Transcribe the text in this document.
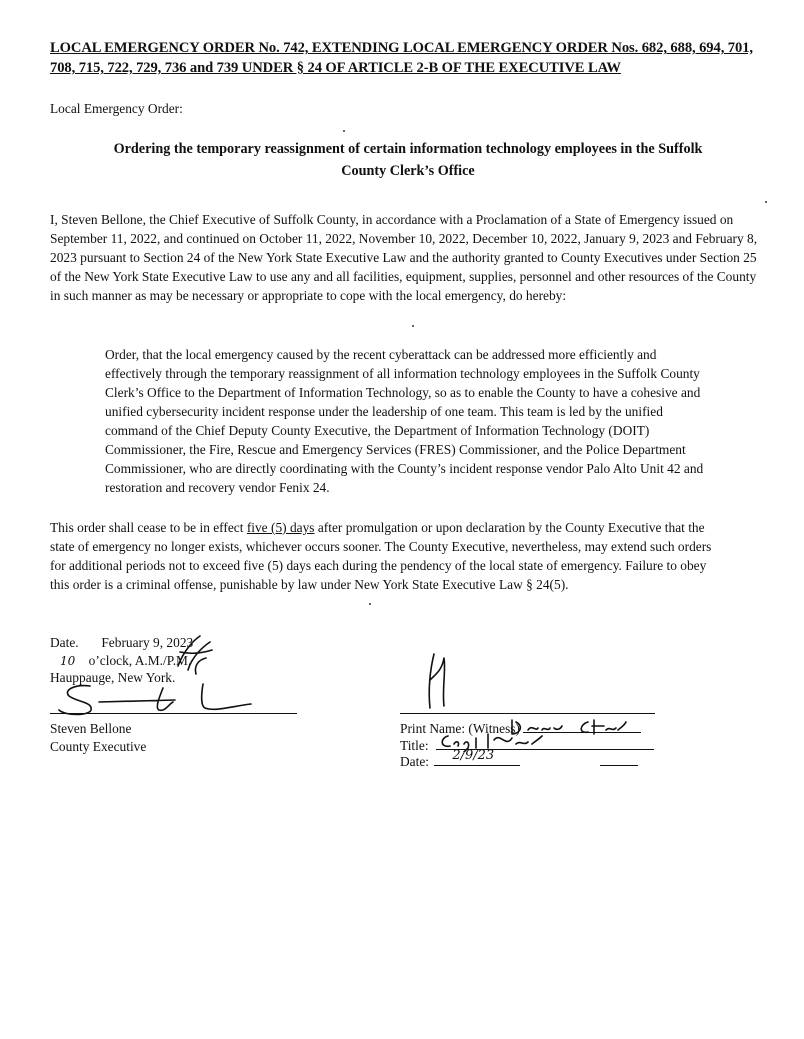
LOCAL EMERGENCY ORDER No. 742, EXTENDING LOCAL EMERGENCY ORDER Nos. 682, 688, 694, 701, 708, 715, 722, 729, 736 and 739 UNDER § 24 OF ARTICLE 2-B OF THE EXECUTIVE LAW
Local Emergency Order:
Ordering the temporary reassignment of certain information technology employees in the Suffolk
County Clerk’s Office
I, Steven Bellone, the Chief Executive of Suffolk County, in accordance with a Proclamation of a State of Emergency issued on September 11, 2022, and continued on October 11, 2022, November 10, 2022, December 10, 2022, January 9, 2023 and February 8, 2023 pursuant to Section 24 of the New York State Executive Law and the authority granted to County Executives under Section 25 of the New York State Executive Law to use any and all facilities, equipment, supplies, personnel and other resources of the County in such manner as may be necessary or appropriate to cope with the local emergency, do hereby:
Order, that the local emergency caused by the recent cyberattack can be addressed more efficiently and effectively through the temporary reassignment of all information technology employees in the Suffolk County Clerk’s Office to the Department of Information Technology, so as to enable the County to have a cohesive and unified cybersecurity incident response under the leadership of one team. This team is led by the unified command of the Chief Deputy County Executive, the Department of Information Technology (DOIT) Commissioner, the Fire, Rescue and Emergency Services (FRES) Commissioner, and the Police Department Commissioner, who are directly coordinating with the County’s incident response vendor Palo Alto Unit 42 and restoration and recovery vendor Fenix 24.
This order shall cease to be in effect five (5) days after promulgation or upon declaration by the County Executive that the state of emergency no longer exists, whichever occurs sooner. The County Executive, nevertheless, may extend such orders for additional periods not to exceed five (5) days each during the pendency of the local state of emergency. Failure to obey this order is a criminal offense, punishable by law under New York State Executive Law § 24(5).
Date. February 9, 2023
10 o’clock, A.M./P.M.
Hauppauge, New York.
Steven Bellone
County Executive
Print Name: (Witness)
Title:
Date: 2/9/23
